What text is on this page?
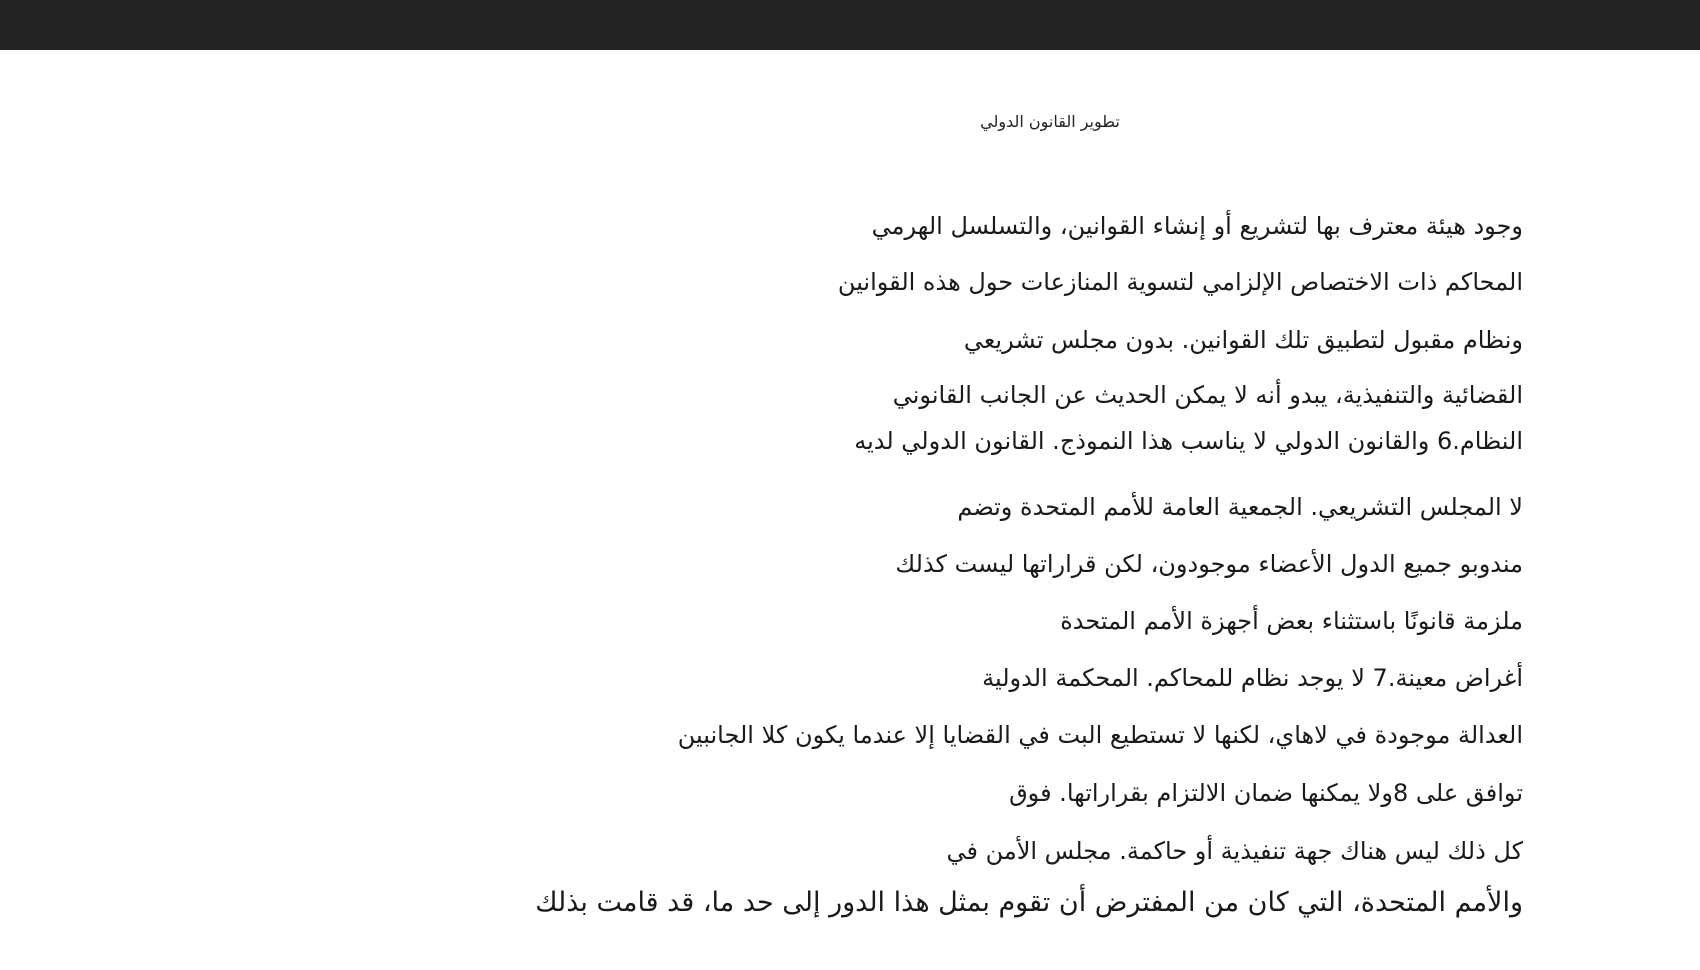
تطوير القانون الدولي
وجود هيئة معترف بها لتشريع أو إنشاء القوانين، والتسلسل الهرمي
المحاكم ذات الاختصاص الإلزامي لتسوية المنازعات حول هذه القوانين
ونظام مقبول لتطبيق تلك القوانين. بدون مجلس تشريعي
القضائية والتنفيذية، يبدو أنه لا يمكن الحديث عن الجانب القانوني
النظام.6 والقانون الدولي لا يناسب هذا النموذج. القانون الدولي لديه
لا المجلس التشريعي. الجمعية العامة للأمم المتحدة وتضم
مندوبو جميع الدول الأعضاء موجودون، لكن قراراتها ليست كذلك
ملزمة قانونًا باستثناء بعض أجهزة الأمم المتحدة
أغراض معينة.7 لا يوجد نظام للمحاكم. المحكمة الدولية
العدالة موجودة في لاهاي، لكنها لا تستطيع البت في القضايا إلا عندما يكون كلا الجانبين
توافق على 8ولا يمكنها ضمان الالتزام بقراراتها. فوق
كل ذلك ليس هناك جهة تنفيذية أو حاكمة. مجلس الأمن في
والأمم المتحدة، التي كان من المفترض أن تقوم بمثل هذا الدور إلى حد ما، قد قامت بذلك
